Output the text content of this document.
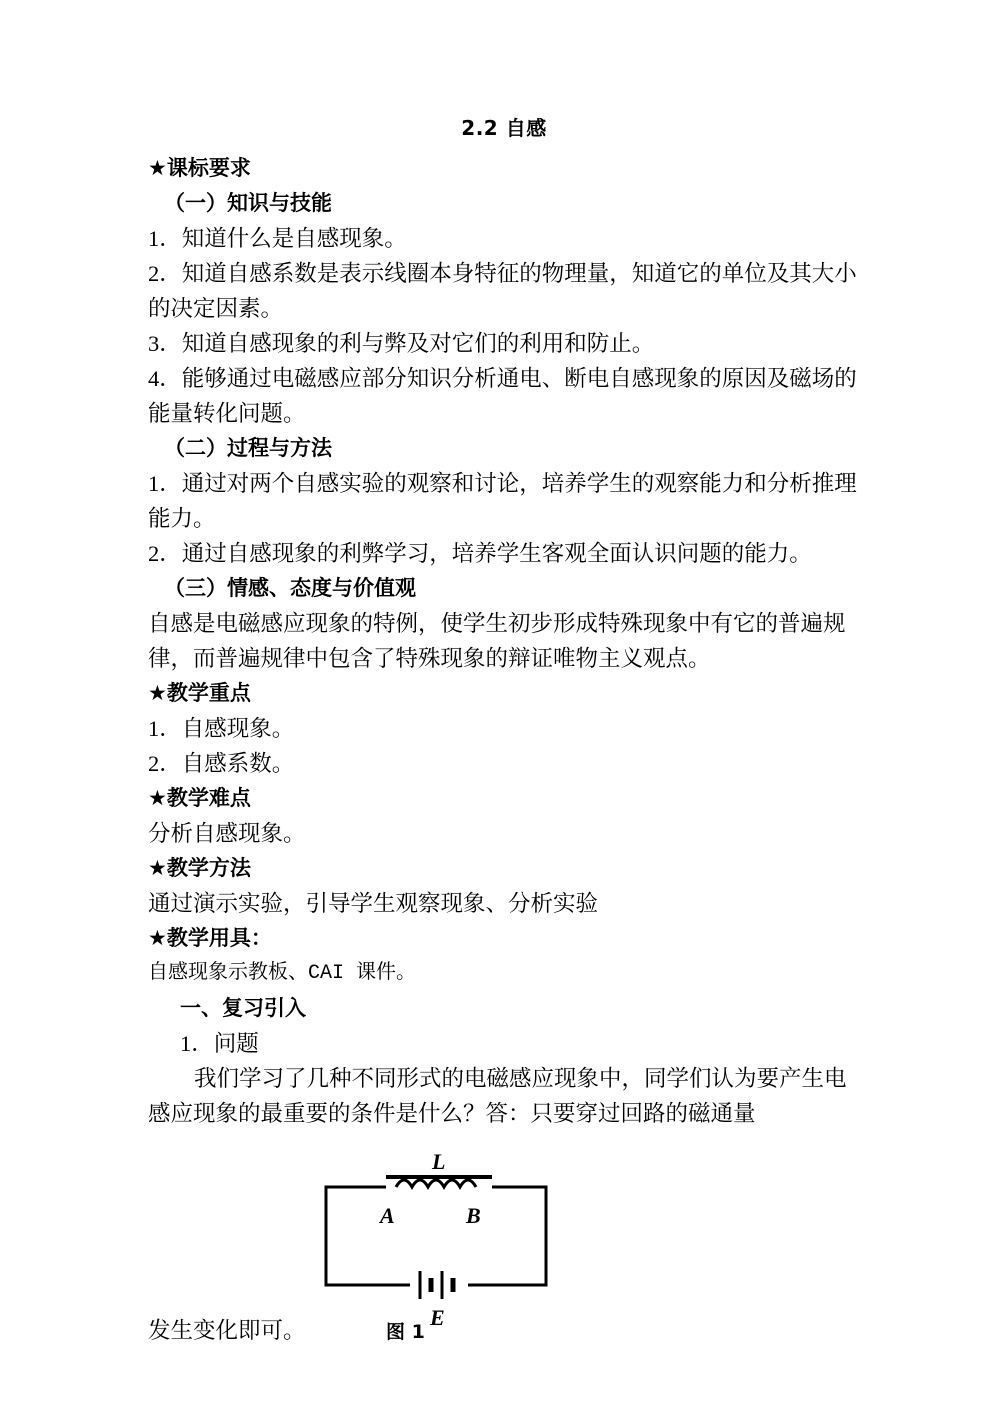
2.2 自感

★课标要求

（一）知识与技能

1．知道什么是自感现象。

2．知道自感系数是表示线圈本身特征的物理量，知道它的单位及其大小的决定因素。

3．知道自感现象的利与弊及对它们的利用和防止。

4．能够通过电磁感应部分知识分析通电、断电自感现象的原因及磁场的能量转化问题。

（二）过程与方法

1．通过对两个自感实验的观察和讨论，培养学生的观察能力和分析推理能力。

2．通过自感现象的利弊学习，培养学生客观全面认识问题的能力。

（三）情感、态度与价值观

自感是电磁感应现象的特例，使学生初步形成特殊现象中有它的普遍规律，而普遍规律中包含了特殊现象的辩证唯物主义观点。

★教学重点

1．自感现象。

2．自感系数。

★教学难点

分析自感现象。

★教学方法

通过演示实验，引导学生观察现象、分析实验

★教学用具：

自感现象示教板、CAI 课件。

一、复习引入

1．问题

我们学习了几种不同形式的电磁感应现象中，同学们认为要产生电感应现象的最重要的条件是什么？答：只要穿过回路的磁通量

A	B
L
E
图 1
发生变化即可。
